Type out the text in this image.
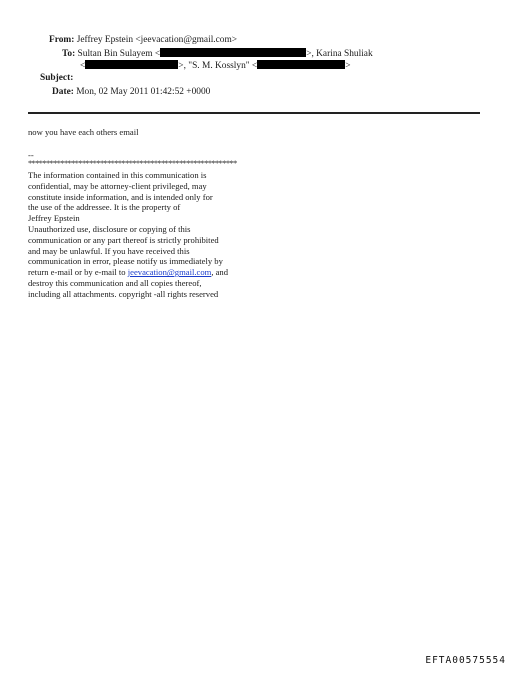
From: Jeffrey Epstein <jeevacation@gmail.com>
To: Sultan Bin Sulayem <	>, Karina Shuliak
<	>, "S. M. Kosslyn" <	>
Subject:
Date: Mon, 02 May 2011 01:42:52 +0000
now you have each others email
--
**********************************************************
The information contained in this communication is
confidential, may be attorney-client privileged, may
constitute inside information, and is intended only for
the use of the addressee. It is the property of
Jeffrey Epstein
Unauthorized use, disclosure or copying of this
communication or any part thereof is strictly prohibited
and may be unlawful. If you have received this
communication in error, please notify us immediately by
return e-mail or by e-mail to jeevacation@gmail.com, and
destroy this communication and all copies thereof,
including all attachments. copyright -all rights reserved
EFTA00575554
